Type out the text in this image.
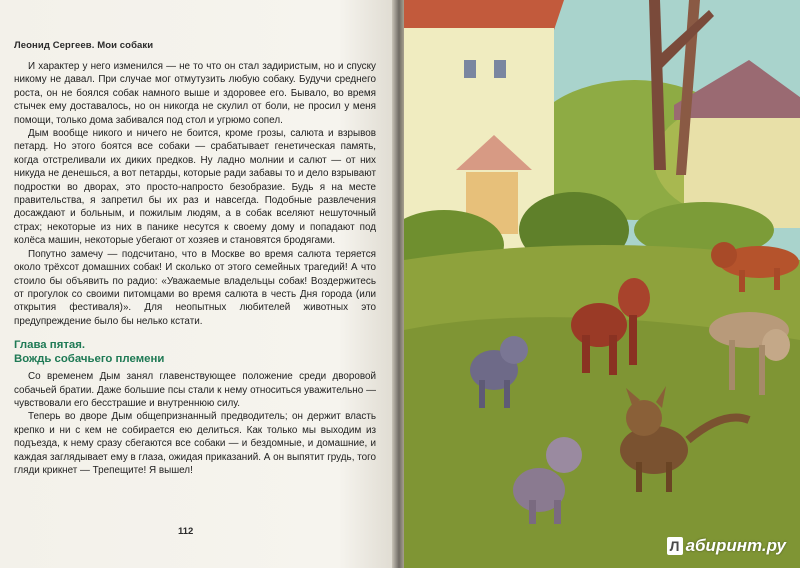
Леонид Сергеев. Мои собаки

И характер у него изменился — не то что он стал задиристым, но и спуску никому не давал. При случае мог отмутузить любую собаку. Будучи среднего роста, он не боялся собак намного выше и здоровее его. Бывало, во время стычек ему доставалось, но он никогда не скулил от боли, не просил у меня помощи, только дома забивался под стол и угрюмо сопел.

Дым вообще никого и ничего не боится, кроме грозы, салюта и взрывов петард. Но этого боятся все собаки — срабатывает генетическая память, когда отстреливали их диких предков. Ну ладно молнии и салют — от них никуда не денешься, а вот петарды, которые ради забавы то и дело взрывают подростки во дворах, это просто-напросто безобразие. Будь я на месте правительства, я запретил бы их раз и навсегда. Подобные развлечения досаждают и больным, и пожилым людям, а в собак вселяют нешуточный страх; некоторые из них в панике несутся к своему дому и попадают под колёса машин, некоторые убегают от хозяев и становятся бродягами.

Попутно замечу — подсчитано, что в Москве во время салюта теряется около трёхсот домашних собак! И сколько от этого семейных трагедий! А что стоило бы объявить по радио: «Уважаемые владельцы собак! Воздержитесь от прогулок со своими питомцами во время салюта в честь Дня города (или открытия фестиваля)». Для неопытных любителей животных это предупреждение было бы нелько кстати.

Глава пятая.
Вождь собачьего племени

Со временем Дым занял главенствующее положение среди дворовой собачьей братии. Даже большие псы стали к нему относиться уважительно — чувствовали его бесстрашие и внутреннюю силу.

Теперь во дворе Дым общепризнанный предводитель; он держит власть крепко и ни с кем не собирается ею делиться. Как только мы выходим из подъезда, к нему сразу сбегаются все собаки — и бездомные, и домашние, и каждая заглядывает ему в глаза, ожидая приказаний. А он выпятит грудь, того гляди крикнет — Трепещите! Я вышел!

112
Л абиринт.ру
